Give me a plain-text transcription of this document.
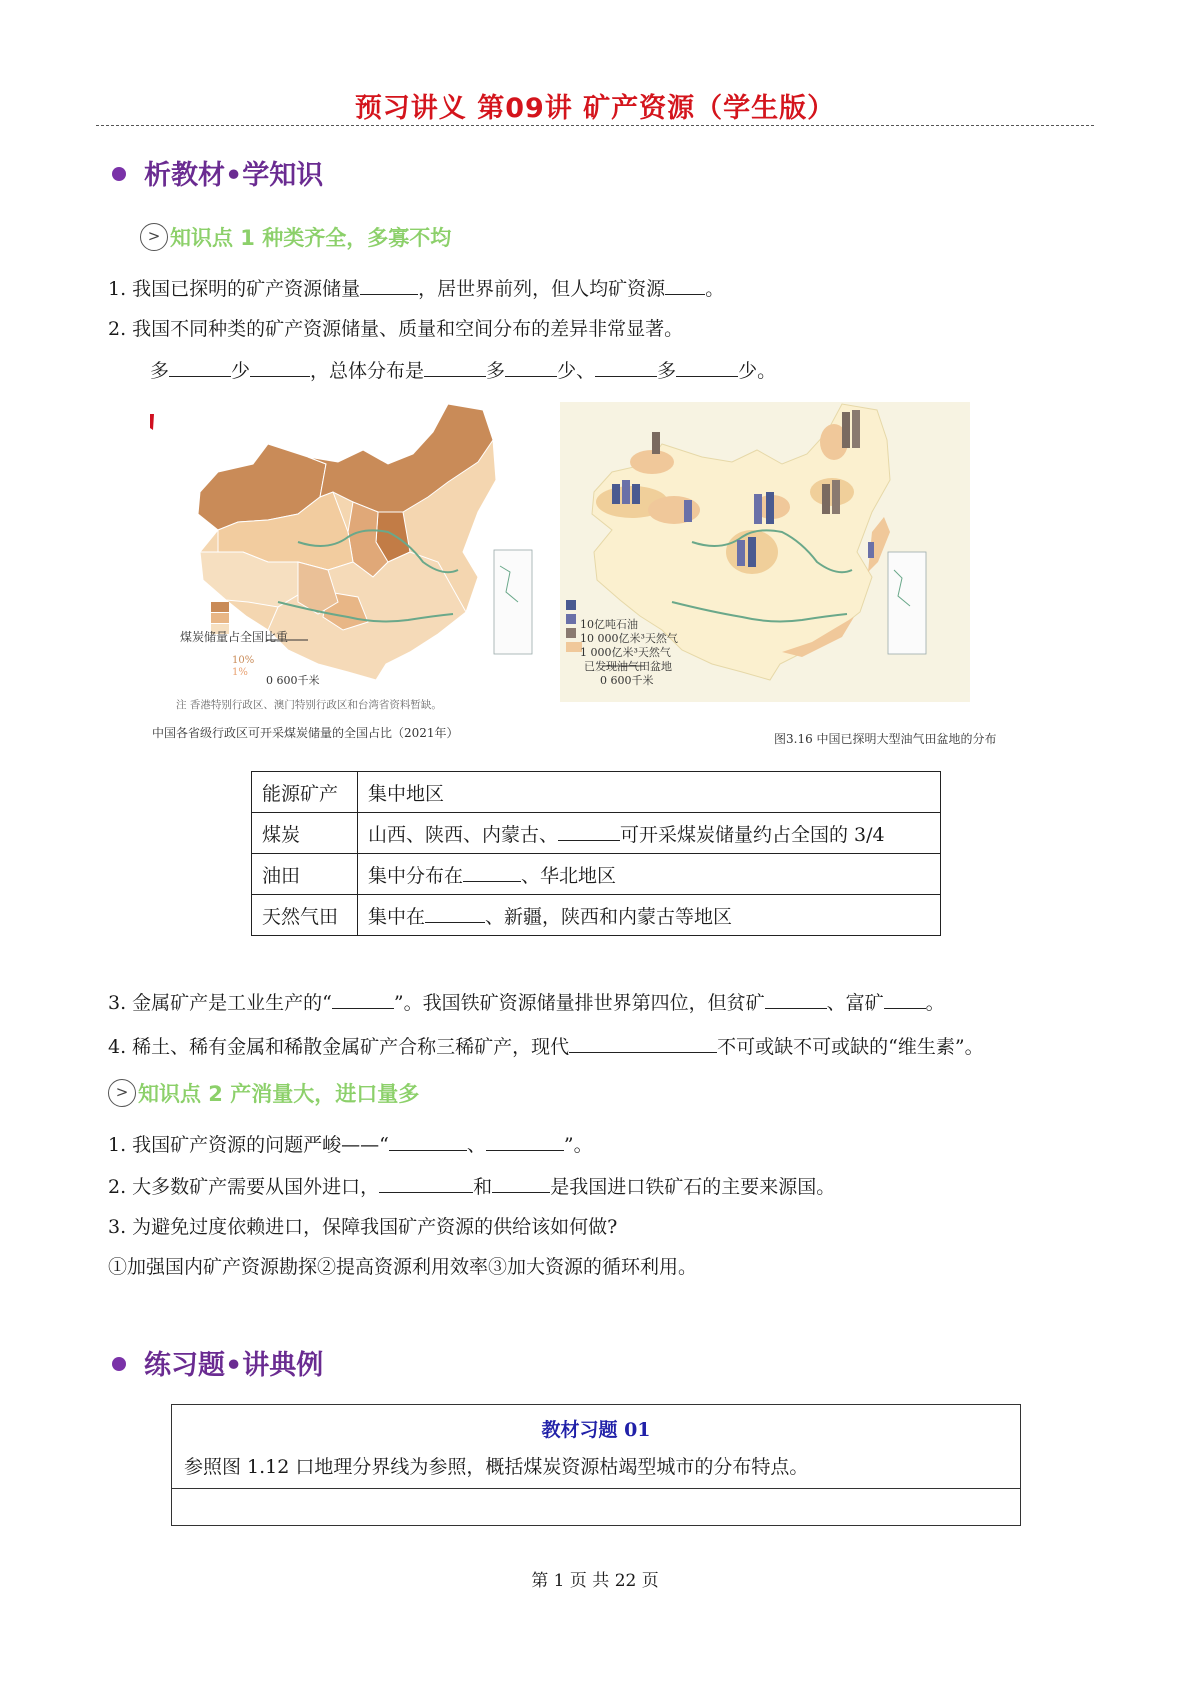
预习讲义 第09讲 矿产资源（学生版）
析教材•学知识
> 知识点 1 种类齐全，多寡不均
1. 我国已探明的矿产资源储量	，居世界前列，但人均矿资源 。
2. 我国不同种类的矿产资源储量、质量和空间分布的差异非常显著。
多	少	，总体分布是	多	少、	多	少。
煤炭储量占全国比重
10%
1%
0 600千米
注 香港特别行政区、澳门特别行政区和台湾省资料暂缺。
中国各省级行政区可开采煤炭储量的全国占比（2021年）
10亿吨石油
10 000亿米³天然气
1 000亿米³天然气
已发现油气田盆地
0 600千米
图3.16 中国已探明大型油气田盆地的分布
能源矿产	集中地区
煤炭	山西、陕西、内蒙古、 可开采煤炭储量约占全国的 3/4
油田	集中分布在 、华北地区
天然气田	集中在 、新疆，陕西和内蒙古等地区
3. 金属矿产是工业生产的“	”。我国铁矿资源储量排世界第四位，但贫矿	、富矿 。
4. 稀土、稀有金属和稀散金属矿产合称三稀矿产，现代	不可或缺不可或缺的“维生素”。
> 知识点 2 产消量大，进口量多
1. 我国矿产资源的问题严峻——“	、	”。
2. 大多数矿产需要从国外进口，	和	是我国进口铁矿石的主要来源国。
3. 为避免过度依赖进口，保障我国矿产资源的供给该如何做?
①加强国内矿产资源勘探②提高资源利用效率③加大资源的循环利用。
练习题•讲典例
教材习题 01
参照图 1.12 口地理分界线为参照，概括煤炭资源枯竭型城市的分布特点。
第 1 页 共 22 页
